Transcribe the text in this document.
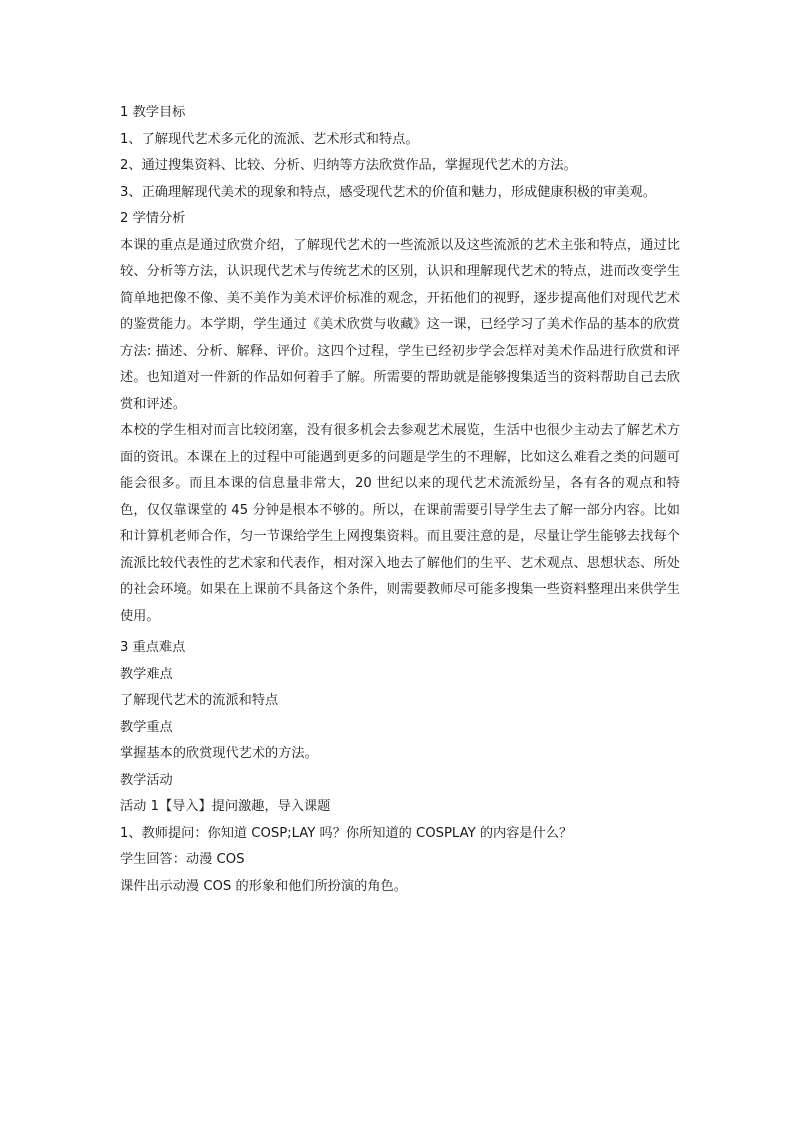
1 教学目标
1、了解现代艺术多元化的流派、艺术形式和特点。
2、通过搜集资料、比较、分析、归纳等方法欣赏作品，掌握现代艺术的方法。
3、正确理解现代美术的现象和特点，感受现代艺术的价值和魅力，形成健康积极的审美观。
2 学情分析
本课的重点是通过欣赏介绍，了解现代艺术的一些流派以及这些流派的艺术主张和特点，通过比较、分析等方法，认识现代艺术与传统艺术的区别，认识和理解现代艺术的特点，进而改变学生简单地把像不像、美不美作为美术评价标准的观念，开拓他们的视野，逐步提高他们对现代艺术的鉴赏能力。本学期，学生通过《美术欣赏与收藏》这一课，已经学习了美术作品的基本的欣赏方法: 描述、分析、解释、评价。这四个过程，学生已经初步学会怎样对美术作品进行欣赏和评述。也知道对一件新的作品如何着手了解。所需要的帮助就是能够搜集适当的资料帮助自己去欣赏和评述。
本校的学生相对而言比较闭塞，没有很多机会去参观艺术展览，生活中也很少主动去了解艺术方面的资讯。本课在上的过程中可能遇到更多的问题是学生的不理解，比如这么难看之类的问题可能会很多。而且本课的信息量非常大，20 世纪以来的现代艺术流派纷呈，各有各的观点和特色，仅仅靠课堂的 45 分钟是根本不够的。所以，在课前需要引导学生去了解一部分内容。比如和计算机老师合作，匀一节课给学生上网搜集资料。而且要注意的是，尽量让学生能够去找每个流派比较代表性的艺术家和代表作，相对深入地去了解他们的生平、艺术观点、思想状态、所处的社会环境。如果在上课前不具备这个条件，则需要教师尽可能多搜集一些资料整理出来供学生使用。
3 重点难点
教学难点
了解现代艺术的流派和特点
教学重点
掌握基本的欣赏现代艺术的方法。
教学活动
活动 1【导入】提问激趣，导入课题
1、教师提问：你知道 COSP;LAY 吗？你所知道的 COSPLAY 的内容是什么？
学生回答：动漫 COS
课件出示动漫 COS 的形象和他们所扮演的角色。
